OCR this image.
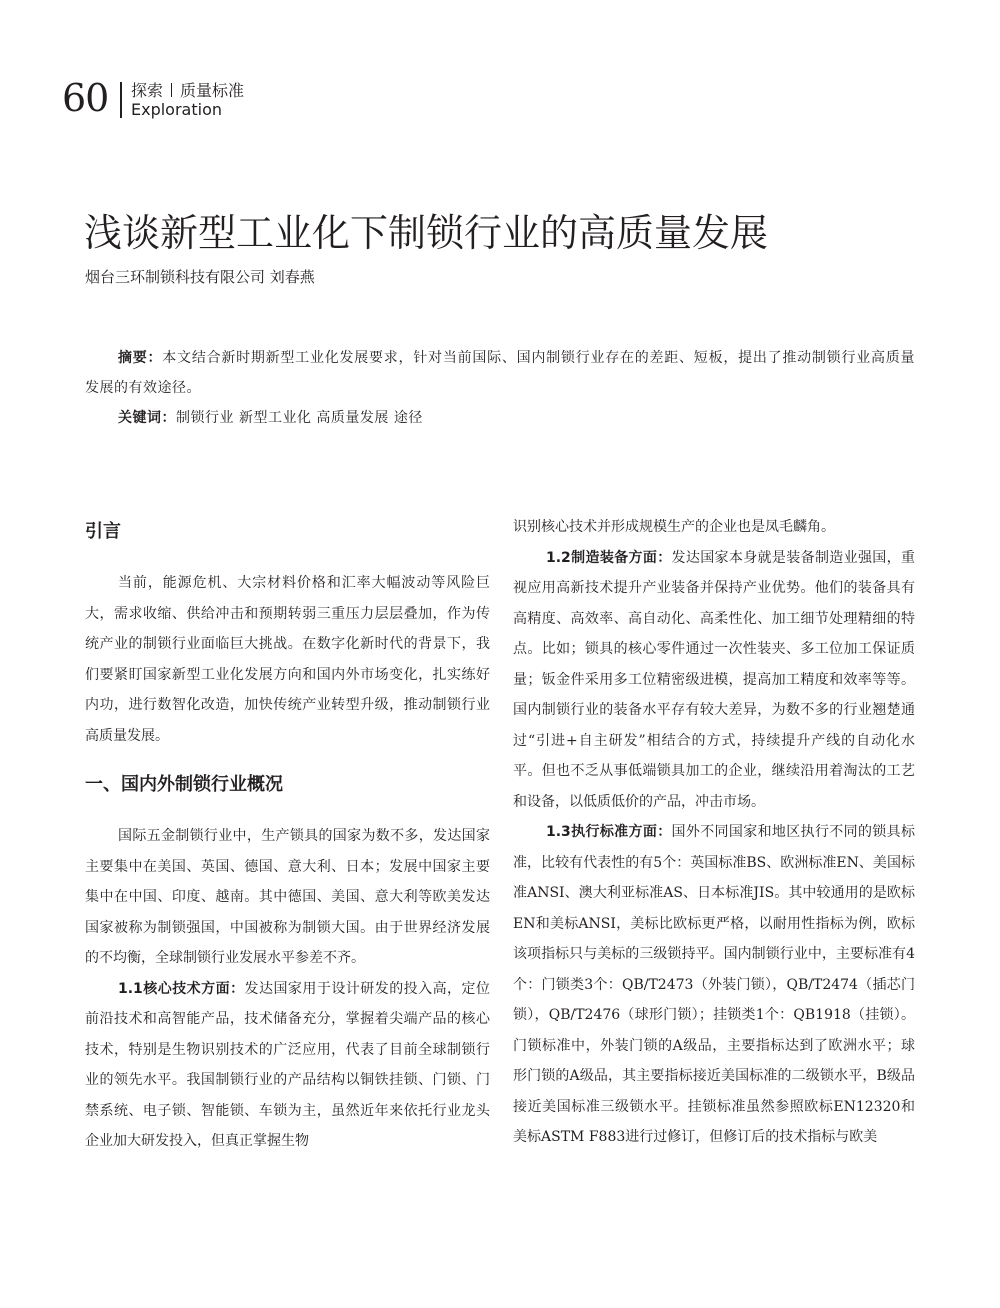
60 探索 质量标准
Exploration
浅谈新型工业化下制锁行业的高质量发展
烟台三环制锁科技有限公司 刘春燕

摘要：本文结合新时期新型工业化发展要求，针对当前国际、国内制锁行业存在的差距、短板，提出了推动制锁行业高质量发展的有效途径。

关键词：制锁行业 新型工业化 高质量发展 途径

引言

当前，能源危机、大宗材料价格和汇率大幅波动等风险巨大，需求收缩、供给冲击和预期转弱三重压力层层叠加，作为传统产业的制锁行业面临巨大挑战。在数字化新时代的背景下，我们要紧盯国家新型工业化发展方向和国内外市场变化，扎实练好内功，进行数智化改造，加快传统产业转型升级，推动制锁行业高质量发展。

一、国内外制锁行业概况

国际五金制锁行业中，生产锁具的国家为数不多，发达国家主要集中在美国、英国、德国、意大利、日本；发展中国家主要集中在中国、印度、越南。其中德国、美国、意大利等欧美发达国家被称为制锁强国，中国被称为制锁大国。由于世界经济发展的不均衡，全球制锁行业发展水平参差不齐。

1.1核心技术方面：发达国家用于设计研发的投入高，定位前沿技术和高智能产品，技术储备充分，掌握着尖端产品的核心技术，特别是生物识别技术的广泛应用，代表了目前全球制锁行业的领先水平。我国制锁行业的产品结构以铜铁挂锁、门锁、门禁系统、电子锁、智能锁、车锁为主，虽然近年来依托行业龙头企业加大研发投入，但真正掌握生物

识别核心技术并形成规模生产的企业也是凤毛麟角。

1.2制造装备方面：发达国家本身就是装备制造业强国，重视应用高新技术提升产业装备并保持产业优势。他们的装备具有高精度、高效率、高自动化、高柔性化、加工细节处理精细的特点。比如；锁具的核心零件通过一次性装夹、多工位加工保证质量；钣金件采用多工位精密级进模，提高加工精度和效率等等。国内制锁行业的装备水平存有较大差异，为数不多的行业翘楚通过“引进+自主研发”相结合的方式，持续提升产线的自动化水平。但也不乏从事低端锁具加工的企业，继续沿用着淘汰的工艺和设备，以低质低价的产品，冲击市场。

1.3执行标准方面：国外不同国家和地区执行不同的锁具标准，比较有代表性的有5个：英国标准BS、欧洲标准EN、美国标准ANSI、澳大利亚标准AS、日本标准JIS。其中较通用的是欧标EN和美标ANSI，美标比欧标更严格，以耐用性指标为例，欧标该项指标只与美标的三级锁持平。国内制锁行业中，主要标准有4个：门锁类3个：QB/T2473（外装门锁），QB/T2474（插芯门锁），QB/T2476（球形门锁）；挂锁类1个：QB1918（挂锁）。门锁标准中，外装门锁的A级品，主要指标达到了欧洲水平；球形门锁的A级品，其主要指标接近美国标准的二级锁水平，B级品接近美国标准三级锁水平。挂锁标准虽然参照欧标EN12320和美标ASTM F883进行过修订，但修订后的技术指标与欧美
